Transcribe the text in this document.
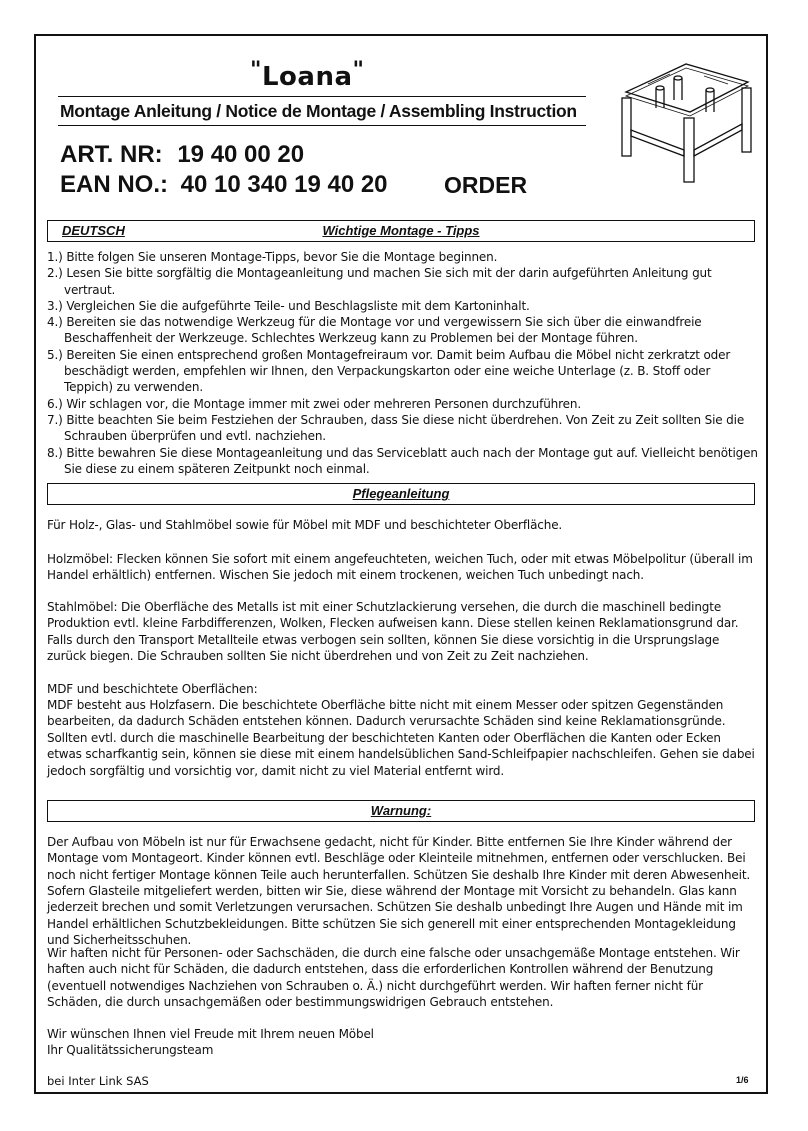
"Loana"
Montage Anleitung / Notice de Montage / Assembling Instruction
ART. NR: 19 40 00 20
EAN NO.: 40 10 340 19 40 20 ORDER
DEUTSCH	Wichtige Montage - Tipps
1.) Bitte folgen Sie unseren Montage-Tipps, bevor Sie die Montage beginnen.
2.) Lesen Sie bitte sorgfältig die Montageanleitung und machen Sie sich mit der darin aufgeführten Anleitung gut vertraut.
3.) Vergleichen Sie die aufgeführte Teile- und Beschlagsliste mit dem Kartoninhalt.
4.) Bereiten sie das notwendige Werkzeug für die Montage vor und vergewissern Sie sich über die einwandfreie Beschaffenheit der Werkzeuge. Schlechtes Werkzeug kann zu Problemen bei der Montage führen.
5.) Bereiten Sie einen entsprechend großen Montagefreiraum vor. Damit beim Aufbau die Möbel nicht zerkratzt oder beschädigt werden, empfehlen wir Ihnen, den Verpackungskarton oder eine weiche Unterlage (z. B. Stoff oder Teppich) zu verwenden.
6.) Wir schlagen vor, die Montage immer mit zwei oder mehreren Personen durchzuführen.
7.) Bitte beachten Sie beim Festziehen der Schrauben, dass Sie diese nicht überdrehen. Von Zeit zu Zeit sollten Sie die Schrauben überprüfen und evtl. nachziehen.
8.) Bitte bewahren Sie diese Montageanleitung und das Serviceblatt auch nach der Montage gut auf. Vielleicht benötigen Sie diese zu einem späteren Zeitpunkt noch einmal.
Pflegeanleitung

Für Holz-, Glas- und Stahlmöbel sowie für Möbel mit MDF und beschichteter Oberfläche.

Holzmöbel: Flecken können Sie sofort mit einem angefeuchteten, weichen Tuch, oder mit etwas Möbelpolitur (überall im Handel erhältlich) entfernen. Wischen Sie jedoch mit einem trockenen, weichen Tuch unbedingt nach.

Stahlmöbel: Die Oberfläche des Metalls ist mit einer Schutzlackierung versehen, die durch die maschinell bedingte Produktion evtl. kleine Farbdifferenzen, Wolken, Flecken aufweisen kann. Diese stellen keinen Reklamationsgrund dar.

Falls durch den Transport Metallteile etwas verbogen sein sollten, können Sie diese vorsichtig in die Ursprungslage zurück biegen. Die Schrauben sollten Sie nicht überdrehen und von Zeit zu Zeit nachziehen.

MDF und beschichtete Oberflächen:

MDF besteht aus Holzfasern. Die beschichtete Oberfläche bitte nicht mit einem Messer oder spitzen Gegenständen bearbeiten, da dadurch Schäden entstehen können. Dadurch verursachte Schäden sind keine Reklamationsgründe.

Sollten evtl. durch die maschinelle Bearbeitung der beschichteten Kanten oder Oberflächen die Kanten oder Ecken etwas scharfkantig sein, können sie diese mit einem handelsüblichen Sand-Schleifpapier nachschleifen. Gehen sie dabei jedoch sorgfältig und vorsichtig vor, damit nicht zu viel Material entfernt wird.

Warnung:

Der Aufbau von Möbeln ist nur für Erwachsene gedacht, nicht für Kinder. Bitte entfernen Sie Ihre Kinder während der Montage vom Montageort. Kinder können evtl. Beschläge oder Kleinteile mitnehmen, entfernen oder verschlucken. Bei noch nicht fertiger Montage können Teile auch herunterfallen. Schützen Sie deshalb Ihre Kinder mit deren Abwesenheit.

Sofern Glasteile mitgeliefert werden, bitten wir Sie, diese während der Montage mit Vorsicht zu behandeln. Glas kann jederzeit brechen und somit Verletzungen verursachen. Schützen Sie deshalb unbedingt Ihre Augen und Hände mit im Handel erhältlichen Schutzbekleidungen. Bitte schützen Sie sich generell mit einer entsprechenden Montagekleidung und Sicherheitsschuhen.

Wir haften nicht für Personen- oder Sachschäden, die durch eine falsche oder unsachgemäße Montage entstehen. Wir haften auch nicht für Schäden, die dadurch entstehen, dass die erforderlichen Kontrollen während der Benutzung (eventuell notwendiges Nachziehen von Schrauben o. Ä.) nicht durchgeführt werden. Wir haften ferner nicht für Schäden, die durch unsachgemäßen oder bestimmungswidrigen Gebrauch entstehen.

Wir wünschen Ihnen viel Freude mit Ihrem neuen Möbel

Ihr Qualitätssicherungsteam

bei Inter Link SAS	1/6
